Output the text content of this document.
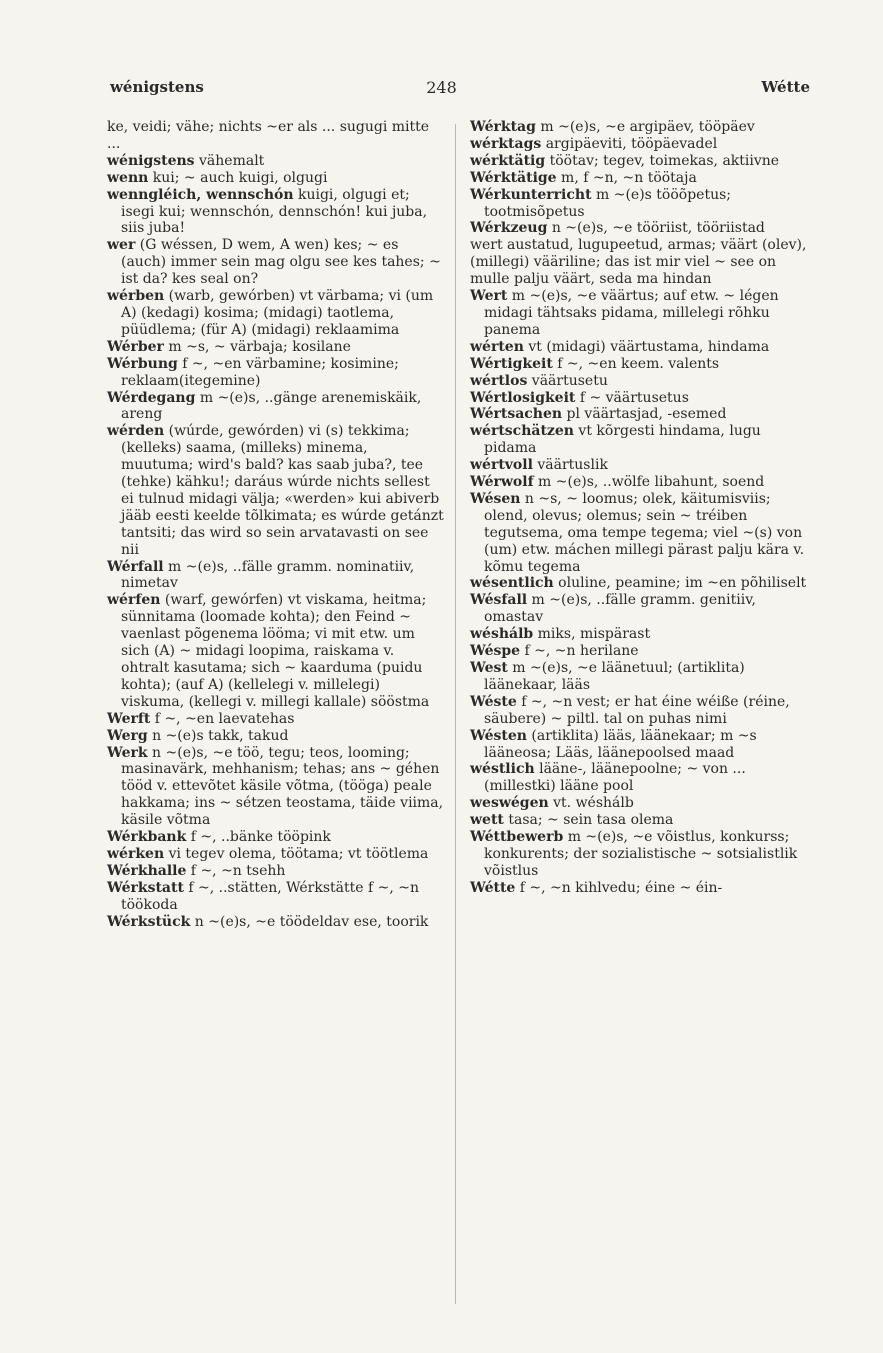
wénigstens	248	Wétte

ke, veidi; vähe; nichts ~er als ... sugugi mitte ...

wénigstens vähemalt

wenn kui; ~ auch kuigi, olgugi

wenngléich, wennschón kuigi, olgugi et; isegi kui; wennschón, dennschón! kui juba, siis juba!

wer (G wéssen, D wem, A wen) kes; ~ es (auch) immer sein mag olgu see kes tahes; ~ ist da? kes seal on?

wérben (warb, gewórben) vt värbama; vi (um A) (kedagi) kosima; (midagi) taotlema, püüdlema; (für A) (midagi) reklaamima

Wérber m ~s, ~ värbaja; kosilane

Wérbung f ~, ~en värbamine; kosimine; reklaam(itegemine)

Wérdegang m ~(e)s, ..gänge arenemiskäik, areng

wérden (wúrde, gewórden) vi (s) tekkima; (kelleks) saama, (milleks) minema, muutuma; wird's bald? kas saab juba?, tee (tehke) kähku!; daráus wúrde nichts sellest ei tulnud midagi välja; «werden» kui abiverb jääb eesti keelde tõlkimata; es wúrde getánzt tantsiti; das wird so sein arvatavasti on see nii

Wérfall m ~(e)s, ..fälle gramm. nominatiiv, nimetav

wérfen (warf, gewórfen) vt viskama, heitma; sünnitama (loomade kohta); den Feind ~ vaenlast põgenema lööma; vi mit etw. um sich (A) ~ midagi loopima, raiskama v. ohtralt kasutama; sich ~ kaarduma (puidu kohta); (auf A) (kellelegi v. millelegi) viskuma, (kellegi v. millegi kallale) sööstma

Werft f ~, ~en laevatehas

Werg n ~(e)s takk, takud

Werk n ~(e)s, ~e töö, tegu; teos, looming; masinavärk, mehhanism; tehas; ans ~ géhen tööd v. ettevõtet käsile võtma, (tööga) peale hakkama; ins ~ sétzen teostama, täide viima, käsile võtma

Wérkbank f ~, ..bänke tööpink

wérken vi tegev olema, töötama; vt töötlema

Wérkhalle f ~, ~n tsehh

Wérkstatt f ~, ..stätten, Wérkstätte f ~, ~n töökoda

Wérkstück n ~(e)s, ~e töödeldav ese, toorik

Wérktag m ~(e)s, ~e argipäev, tööpäev

wérktags argipäeviti, tööpäevadel

wérktätig töötav; tegev, toimekas, aktiivne

Wérktätige m, f ~n, ~n töötaja

Wérkunterricht m ~(e)s tööõpetus; tootmisõpetus

Wérkzeug n ~(e)s, ~e tööriist, tööriistad

wert austatud, lugupeetud, armas; väärt (olev), (millegi) vääriline; das ist mir viel ~ see on mulle palju väärt, seda ma hindan

Wert m ~(e)s, ~e väärtus; auf etw. ~ légen midagi tähtsaks pidama, millelegi rõhku panema

wérten vt (midagi) väärtustama, hindama

Wértigkeit f ~, ~en keem. valents

wértlos väärtusetu

Wértlosigkeit f ~ väärtusetus

Wértsachen pl väärtasjad, -esemed

wértschätzen vt kõrgesti hindama, lugu pidama

wértvoll väärtuslik

Wérwolf m ~(e)s, ..wölfe libahunt, soend

Wésen n ~s, ~ loomus; olek, käitumisviis; olend, olevus; olemus; sein ~ tréiben tegutsema, oma tempe tegema; viel ~(s) von (um) etw. máchen millegi pärast palju kära v. kõmu tegema

wésentlich oluline, peamine; im ~en põhiliselt

Wésfall m ~(e)s, ..fälle gramm. genitiiv, omastav

wéshálb miks, mispärast

Wéspe f ~, ~n herilane

West m ~(e)s, ~e läänetuul; (artiklita) läänekaar, lääs

Wéste f ~, ~n vest; er hat éine wéiße (réine, säubere) ~ piltl. tal on puhas nimi

Wésten (artiklita) lääs, läänekaar; m ~s lääneosa; Lääs, läänepoolsed maad

wéstlich lääne-, läänepoolne; ~ von ... (millestki) lääne pool

weswégen vt. wéshálb

wett tasa; ~ sein tasa olema

Wéttbewerb m ~(e)s, ~e võistlus, konkurss; konkurents; der sozialistische ~ sotsialistlik võistlus

Wétte f ~, ~n kihlvedu; éine ~ éin-
